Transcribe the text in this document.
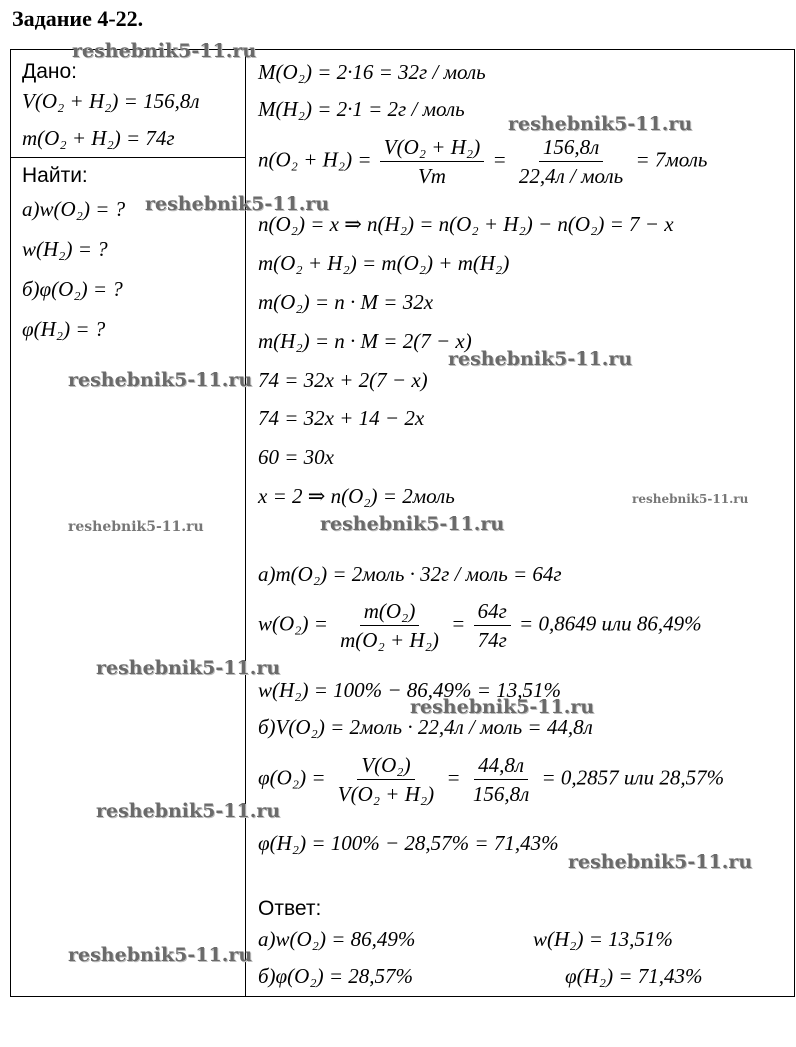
Задание 4-22.
Дано:
V(O₂ + H₂) = 156,8л
m(O₂ + H₂) = 74г
Найти:
а)w(O₂) = ?
w(H₂) = ?
б)φ(O₂) = ?
φ(H₂) = ?
M(O₂) = 2·16 = 32г / моль
M(H₂) = 2·1 = 2г / моль
$n(O_2 + H_2) = \frac{\text{V(O₂ + H₂)}}{Vm} = \frac{156,8л}{\text{22,4л / моль}}$ = 7моль
n(O₂) = x ⇒ n(H₂) = n(O₂ + H₂) − n(O₂) = 7 − x
m(O₂ + H₂) = m(O₂) + m(H₂)
m(O₂) = n · M = 32x
m(H₂) = n · M = 2(7 − x)
74 = 32x + 2(7 − x)
74 = 32x + 14 − 2x
60 = 30x
x = 2 ⇒ n(O₂) = 2моль
а)m(O₂) = 2моль · 32г / моль = 64г
$w(O_2) = \frac{\text{m(O₂)}}{\text{m(O₂ + H₂)}} = \frac{64г}{74г} = 0,8649$ или 86,49%
w(H₂) = 100% − 86,49% = 13,51%
б)V(O₂) = 2моль · 22,4л / моль = 44,8л
$\varphi(O_2) = \frac{\text{V(O₂)}}{\text{V(O₂ + H₂)}} = \frac{44,8л}{156,8л} = 0,2857$ или 28,57%
φ(H₂) = 100% − 28,57% = 71,43%
Ответ:
а)w(O₂) = 86,49%	w(H₂) = 13,51%
б)φ(O₂) = 28,57%	φ(H₂) = 71,43%
reshebnik5-11.ru
reshebnik5-11.ru
reshebnik5-11.ru
reshebnik5-11.ru
reshebnik5-11.ru
reshebnik5-11.ru
reshebnik5-11.ru	reshebnik5-11.ru
reshebnik5-11.ru
reshebnik5-11.ru
reshebnik5-11.ru
reshebnik5-11.ru
reshebnik5-11.ru
